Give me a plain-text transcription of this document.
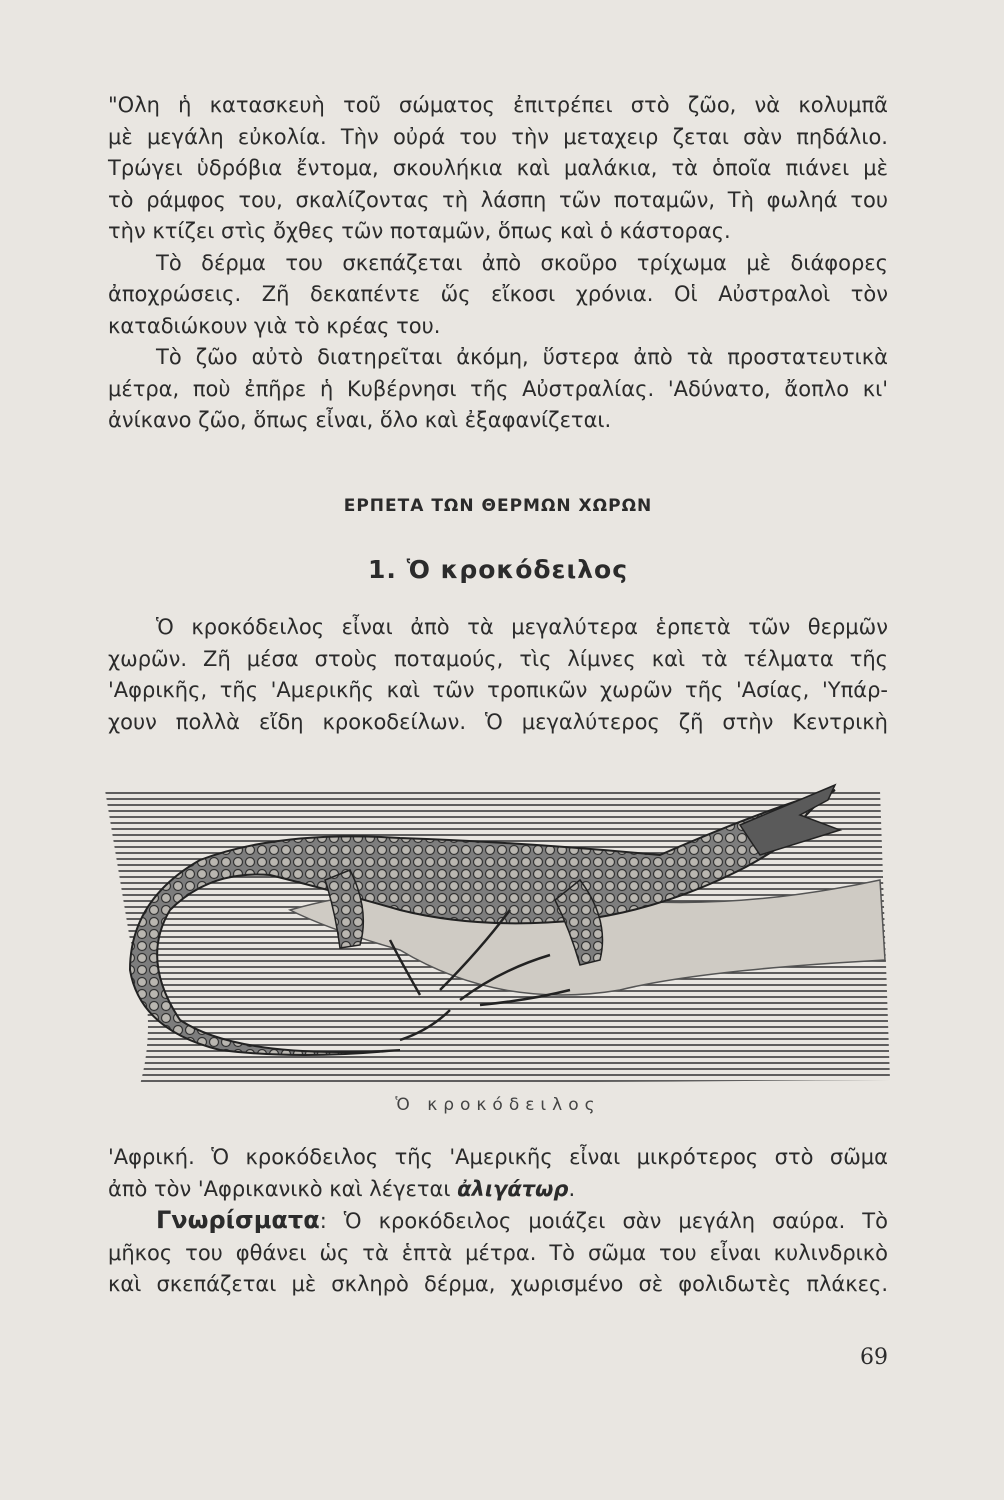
"Ολη ἡ κατασκευὴ τοῦ σώματος ἐπιτρέπει στὸ ζῶο, νὰ κολυμπᾶ
μὲ μεγάλη εὐκολία. Τὴν οὐρά του τὴν μεταχειρ ζεται σὰν πηδάλιο.
Τρώγει ὑδρόβια ἔντομα, σκουλήκια καὶ μαλάκια, τὰ ὁποῖα πιάνει μὲ
τὸ ράμφος του, σκαλίζοντας τὴ λάσπη τῶν ποταμῶν, Τὴ φωληά του
τὴν κτίζει στὶς ὄχθες τῶν ποταμῶν, ὅπως καὶ ὁ κάστορας.
Τὸ δέρμα του σκεπάζεται ἀπὸ σκοῦρο τρίχωμα μὲ διάφορες
ἀποχρώσεις. Ζῆ δεκαπέντε ὥς εἴκοσι χρόνια. Οἱ Αὐστραλοὶ τὸν
καταδιώκουν γιὰ τὸ κρέας του.
Τὸ ζῶο αὐτὸ διατηρεῖται ἀκόμη, ὕστερα ἀπὸ τὰ προστατευτικὰ
μέτρα, ποὺ ἐπῆρε ἡ Κυβέρνησι τῆς Αὐστραλίας. 'Αδύνατο, ἄοπλο κι'
ἀνίκανο ζῶο, ὅπως εἶναι, ὅλο καὶ ἐξαφανίζεται.
ΕΡΠΕΤΑ ΤΩΝ ΘΕΡΜΩΝ ΧΩΡΩΝ
1. Ὁ κροκόδειλος
Ὁ κροκόδειλος εἶναι ἀπὸ τὰ μεγαλύτερα ἑρπετὰ τῶν θερμῶν
χωρῶν. Ζῆ μέσα στοὺς ποταμούς, τὶς λίμνες καὶ τὰ τέλματα τῆς
'Αφρικῆς, τῆς 'Αμερικῆς καὶ τῶν τροπικῶν χωρῶν τῆς 'Ασίας, 'Υπάρ-
χουν πολλὰ εἴδη κροκοδείλων. Ὁ μεγαλύτερος ζῆ στὴν Κεντρικὴ
Ὁ κροκόδειλος
'Αφρική. Ὁ κροκόδειλος τῆς 'Αμερικῆς εἶναι μικρότερος στὸ σῶμα
ἀπὸ τὸν 'Αφρικανικὸ καὶ λέγεται ἀλιγάτωρ.
Γνωρίσματα: Ὁ κροκόδειλος μοιάζει σὰν μεγάλη σαύρα. Τὸ
μῆκος του φθάνει ὡς τὰ ἑπτὰ μέτρα. Τὸ σῶμα του εἶναι κυλινδρικὸ
καὶ σκεπάζεται μὲ σκληρὸ δέρμα, χωρισμένο σὲ φολιδωτὲς πλάκες.
69
